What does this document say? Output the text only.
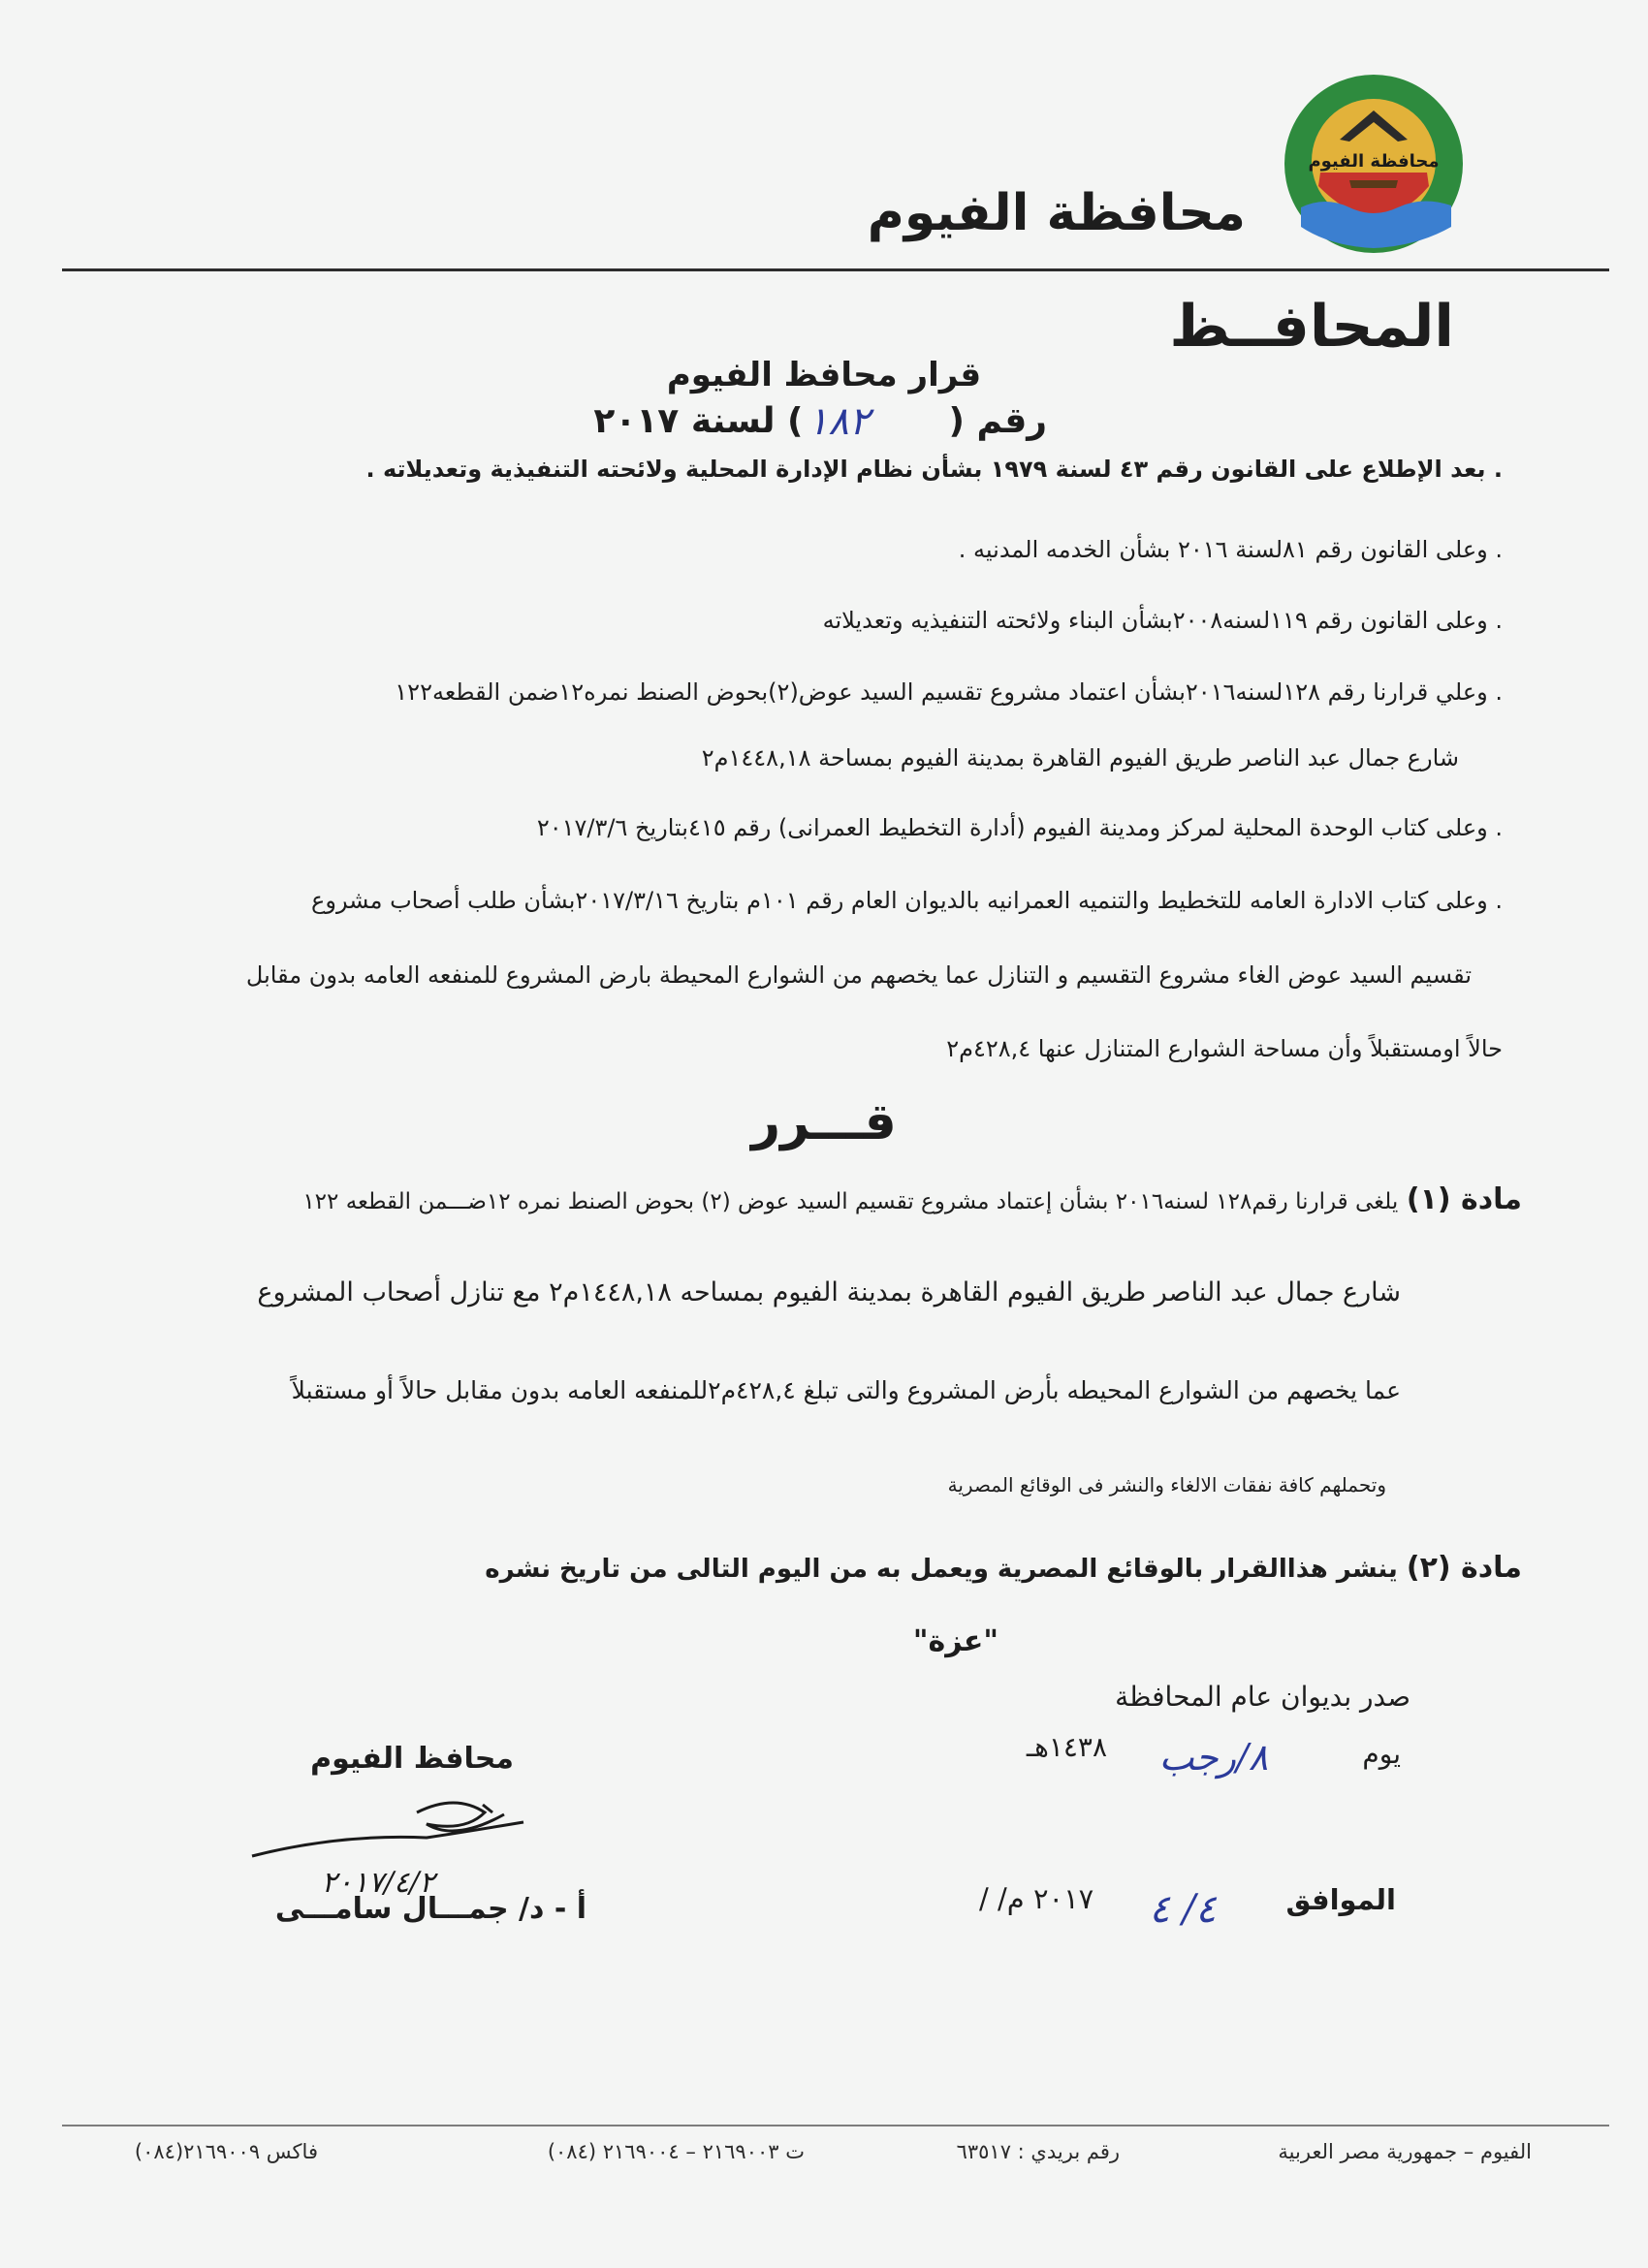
محافظة الفيوم
محافظة الفيوم
المحافــظ
قرار محافظ الفيوم
رقم () لسنة ٢٠١٧ ١٨٢
. بعد الإطلاع على القانون رقم ٤٣ لسنة ١٩٧٩ بشأن نظام الإدارة المحلية ولائحته التنفيذية وتعديلاته .
. وعلى القانون رقم ٨١لسنة ٢٠١٦ بشأن الخدمه المدنيه .
. وعلى القانون رقم ١١٩لسنه٢٠٠٨بشأن البناء ولائحته التنفيذيه وتعديلاته
. وعلي قرارنا رقم ١٢٨لسنه٢٠١٦بشأن اعتماد مشروع تقسيم السيد عوض(٢)بحوض الصنط نمره١٢ضمن القطعه١٢٢
شارع جمال عبد الناصر طريق الفيوم القاهرة بمدينة الفيوم بمساحة ١٤٤٨,١٨م٢
. وعلى كتاب الوحدة المحلية لمركز ومدينة الفيوم (أدارة التخطيط العمرانى) رقم ٤١٥بتاريخ ٢٠١٧/٣/٦
. وعلى كتاب الادارة العامه للتخطيط والتنميه العمرانيه بالديوان العام رقم ١٠١م بتاريخ ٢٠١٧/٣/١٦بشأن طلب أصحاب مشروع
تقسيم السيد عوض الغاء مشروع التقسيم و التنازل عما يخصهم من الشوارع المحيطة بارض المشروع للمنفعه العامه بدون مقابل
حالاً اومستقبلاً وأن مساحة الشوارع المتنازل عنها ٤٢٨,٤م٢
قـــرر
مادة (١) يلغى قرارنا رقم١٢٨ لسنه٢٠١٦ بشأن إعتماد مشروع تقسيم السيد عوض (٢) بحوض الصنط نمره ١٢ضـــمن القطعه ١٢٢
شارع جمال عبد الناصر طريق الفيوم القاهرة بمدينة الفيوم بمساحه ١٤٤٨,١٨م٢ مع تنازل أصحاب المشروع
عما يخصهم من الشوارع المحيطه بأرض المشروع والتى تبلغ ٤٢٨,٤م٢للمنفعه العامه بدون مقابل حالاً أو مستقبلاً
وتحملهم كافة نفقات الالغاء والنشر فى الوقائع المصرية
مادة (٢) ينشر هذاالقرار بالوقائع المصرية ويعمل به من اليوم التالى من تاريخ نشره
"عزة"
صدر بديوان عام المحافظة
يوم
١٤٣٨هـ ٨/رجب
محافظ الفيوم
٢٠١٧/٤/٢
أ - د/ جمـــال سامـــى	الموافق
/ /٢٠١٧ م ٤/ ٤
الفيوم – جمهورية مصر العربية
رقم بريدي : ٦٣٥١٧
ت ٢١٦٩٠٠٣ – ٢١٦٩٠٠٤ (٠٨٤)
فاكس ٢١٦٩٠٠٩(٠٨٤)
